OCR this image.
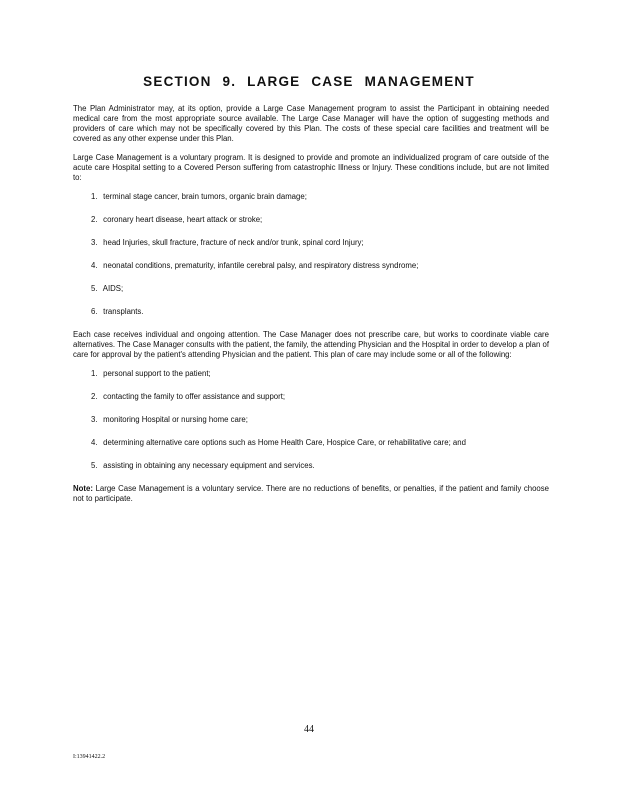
SECTION 9. LARGE CASE MANAGEMENT

The Plan Administrator may, at its option, provide a Large Case Management program to assist the Participant in obtaining needed medical care from the most appropriate source available. The Large Case Manager will have the option of suggesting methods and providers of care which may not be specifically covered by this Plan. The costs of these special care facilities and treatment will be covered as any other expense under this Plan.

Large Case Management is a voluntary program. It is designed to provide and promote an individualized program of care outside of the acute care Hospital setting to a Covered Person suffering from catastrophic Illness or Injury. These conditions include, but are not limited to:

1. terminal stage cancer, brain tumors, organic brain damage;
2. coronary heart disease, heart attack or stroke;
3. head Injuries, skull fracture, fracture of neck and/or trunk, spinal cord Injury;
4. neonatal conditions, prematurity, infantile cerebral palsy, and respiratory distress syndrome;
5. AIDS;
6. transplants.

Each case receives individual and ongoing attention. The Case Manager does not prescribe care, but works to coordinate viable care alternatives. The Case Manager consults with the patient, the family, the attending Physician and the Hospital in order to develop a plan of care for approval by the patient's attending Physician and the patient. This plan of care may include some or all of the following:

1. personal support to the patient;
2. contacting the family to offer assistance and support;
3. monitoring Hospital or nursing home care;
4. determining alternative care options such as Home Health Care, Hospice Care, or rehabilitative care; and
5. assisting in obtaining any necessary equipment and services.

Note: Large Case Management is a voluntary service. There are no reductions of benefits, or penalties, if the patient and family choose not to participate.

44
I:13941422.2
